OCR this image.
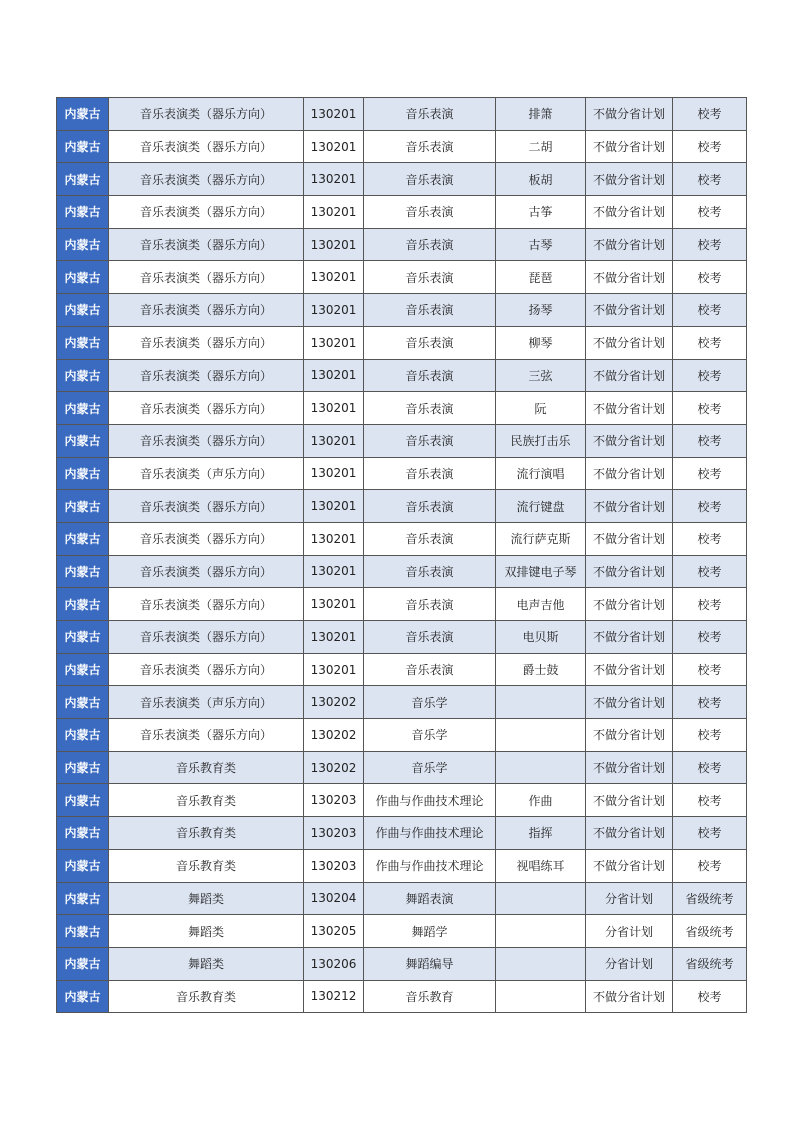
内蒙古	音乐表演类（器乐方向）	130201	音乐表演	排箫	不做分省计划	校考
内蒙古	音乐表演类（器乐方向）	130201	音乐表演	二胡	不做分省计划	校考
内蒙古	音乐表演类（器乐方向）	130201	音乐表演	板胡	不做分省计划	校考
内蒙古	音乐表演类（器乐方向）	130201	音乐表演	古筝	不做分省计划	校考
内蒙古	音乐表演类（器乐方向）	130201	音乐表演	古琴	不做分省计划	校考
内蒙古	音乐表演类（器乐方向）	130201	音乐表演	琵琶	不做分省计划	校考
内蒙古	音乐表演类（器乐方向）	130201	音乐表演	扬琴	不做分省计划	校考
内蒙古	音乐表演类（器乐方向）	130201	音乐表演	柳琴	不做分省计划	校考
内蒙古	音乐表演类（器乐方向）	130201	音乐表演	三弦	不做分省计划	校考
内蒙古	音乐表演类（器乐方向）	130201	音乐表演	阮	不做分省计划	校考
内蒙古	音乐表演类（器乐方向）	130201	音乐表演	民族打击乐	不做分省计划	校考
内蒙古	音乐表演类（声乐方向）	130201	音乐表演	流行演唱	不做分省计划	校考
内蒙古	音乐表演类（器乐方向）	130201	音乐表演	流行键盘	不做分省计划	校考
内蒙古	音乐表演类（器乐方向）	130201	音乐表演	流行萨克斯	不做分省计划	校考
内蒙古	音乐表演类（器乐方向）	130201	音乐表演	双排键电子琴	不做分省计划	校考
内蒙古	音乐表演类（器乐方向）	130201	音乐表演	电声吉他	不做分省计划	校考
内蒙古	音乐表演类（器乐方向）	130201	音乐表演	电贝斯	不做分省计划	校考
内蒙古	音乐表演类（器乐方向）	130201	音乐表演	爵士鼓	不做分省计划	校考
内蒙古	音乐表演类（声乐方向）	130202	音乐学		不做分省计划	校考
内蒙古	音乐表演类（器乐方向）	130202	音乐学		不做分省计划	校考
内蒙古	音乐教育类	130202	音乐学		不做分省计划	校考
内蒙古	音乐教育类	130203	作曲与作曲技术理论	作曲	不做分省计划	校考
内蒙古	音乐教育类	130203	作曲与作曲技术理论	指挥	不做分省计划	校考
内蒙古	音乐教育类	130203	作曲与作曲技术理论	视唱练耳	不做分省计划	校考
内蒙古	舞蹈类	130204	舞蹈表演		分省计划	省级统考
内蒙古	舞蹈类	130205	舞蹈学		分省计划	省级统考
内蒙古	舞蹈类	130206	舞蹈编导		分省计划	省级统考
内蒙古	音乐教育类	130212	音乐教育		不做分省计划	校考
